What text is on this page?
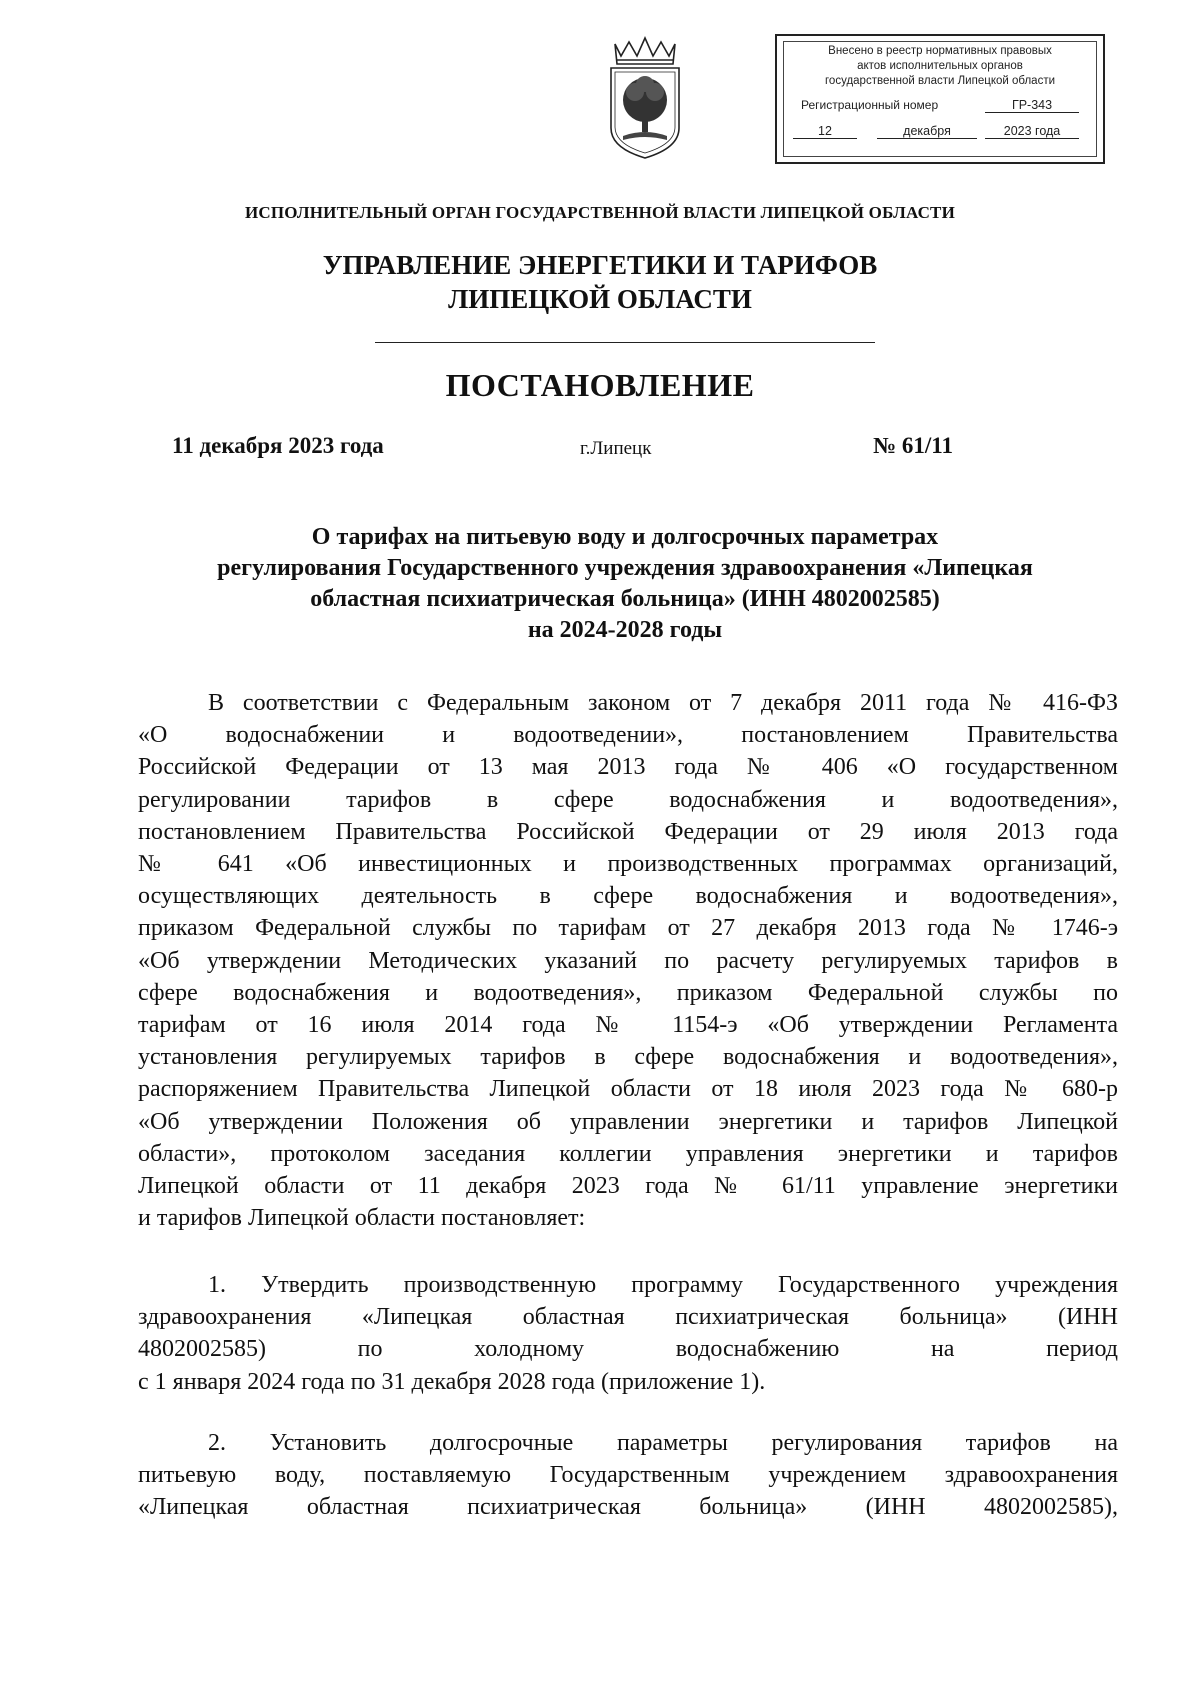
Внесено в реестр нормативных правовых
актов исполнительных органов
государственной власти Липецкой области
Регистрационный номер	ГР-343
12	декабря	2023 года
ИСПОЛНИТЕЛЬНЫЙ ОРГАН ГОСУДАРСТВЕННОЙ ВЛАСТИ ЛИПЕЦКОЙ ОБЛАСТИ
УПРАВЛЕНИЕ ЭНЕРГЕТИКИ И ТАРИФОВ
ЛИПЕЦКОЙ ОБЛАСТИ
ПОСТАНОВЛЕНИЕ
11 декабря 2023 года	г.Липецк	№ 61/11
О тарифах на питьевую воду и долгосрочных параметрах
регулирования Государственного учреждения здравоохранения «Липецкая
областная психиатрическая больница» (ИНН 4802002585)
на 2024-2028 годы
В соответствии с Федеральным законом от 7 декабря 2011 года № 416-ФЗ
«О водоснабжении и водоотведении», постановлением Правительства
Российской Федерации от 13 мая 2013 года № 406 «О государственном
регулировании тарифов в сфере водоснабжения и водоотведения»,
постановлением Правительства Российской Федерации от 29 июля 2013 года
№ 641 «Об инвестиционных и производственных программах организаций,
осуществляющих деятельность в сфере водоснабжения и водоотведения»,
приказом Федеральной службы по тарифам от 27 декабря 2013 года № 1746-э
«Об утверждении Методических указаний по расчету регулируемых тарифов в
сфере водоснабжения и водоотведения», приказом Федеральной службы по
тарифам от 16 июля 2014 года № 1154-э «Об утверждении Регламента
установления регулируемых тарифов в сфере водоснабжения и водоотведения»,
распоряжением Правительства Липецкой области от 18 июля 2023 года № 680-р
«Об утверждении Положения об управлении энергетики и тарифов Липецкой
области», протоколом заседания коллегии управления энергетики и тарифов
Липецкой области от 11 декабря 2023 года № 61/11 управление энергетики
и тарифов Липецкой области постановляет:
1. Утвердить производственную программу Государственного учреждения
здравоохранения «Липецкая областная психиатрическая больница» (ИНН
4802002585) по холодному водоснабжению на период
с 1 января 2024 года по 31 декабря 2028 года (приложение 1).
2. Установить долгосрочные параметры регулирования тарифов на
питьевую воду, поставляемую Государственным учреждением здравоохранения
«Липецкая областная психиатрическая больница» (ИНН 4802002585),
